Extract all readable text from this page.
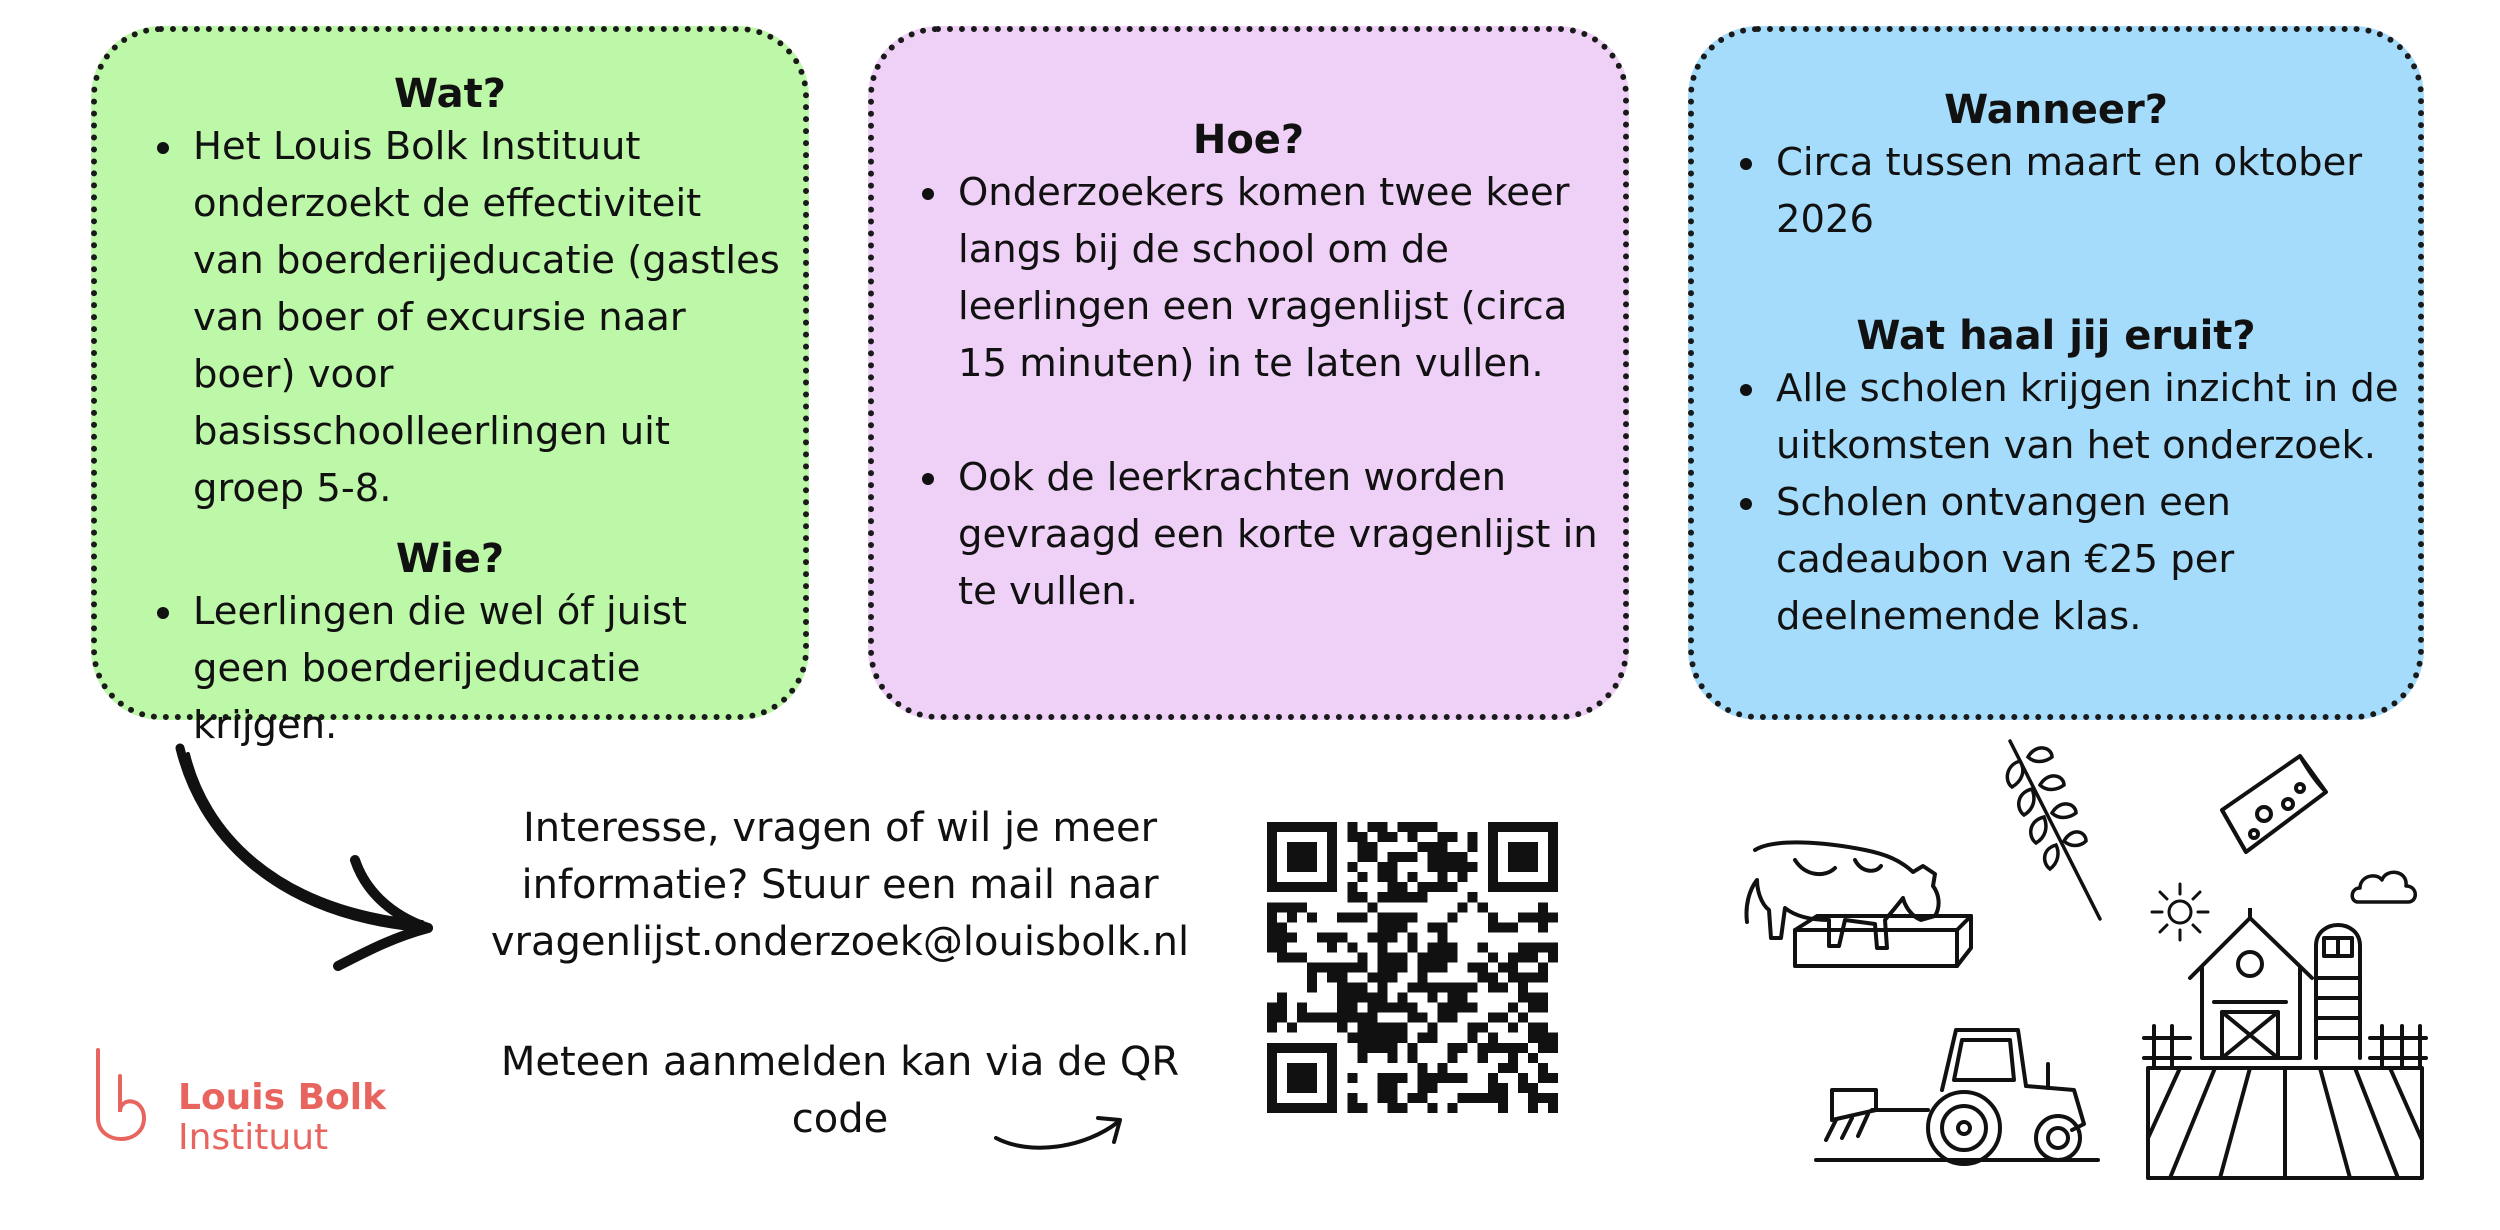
Wat?
Het Louis Bolk Instituut onderzoekt de effectiviteit van boerderijeducatie (gastles van boer of excursie naar boer) voor basisschoolleerlingen uit groep 5-8.
Wie?
Leerlingen die wel óf juist geen boerderijeducatie krijgen.
Hoe?
Onderzoekers komen twee keer langs bij de school om de leerlingen een vragenlijst (circa 15 minuten) in te laten vullen.
Ook de leerkrachten worden gevraagd een korte vragenlijst in te vullen.
Wanneer?
Circa tussen maart en oktober 2026
Wat haal jij eruit?
Alle scholen krijgen inzicht in de uitkomsten van het onderzoek.
Scholen ontvangen een cadeaubon van €25 per deelnemende klas.
Interesse, vragen of wil je meer
informatie? Stuur een mail naar
vragenlijst.onderzoek@louisbolk.nl
Meteen aanmelden kan via de QR
code
Louis Bolk
Instituut
